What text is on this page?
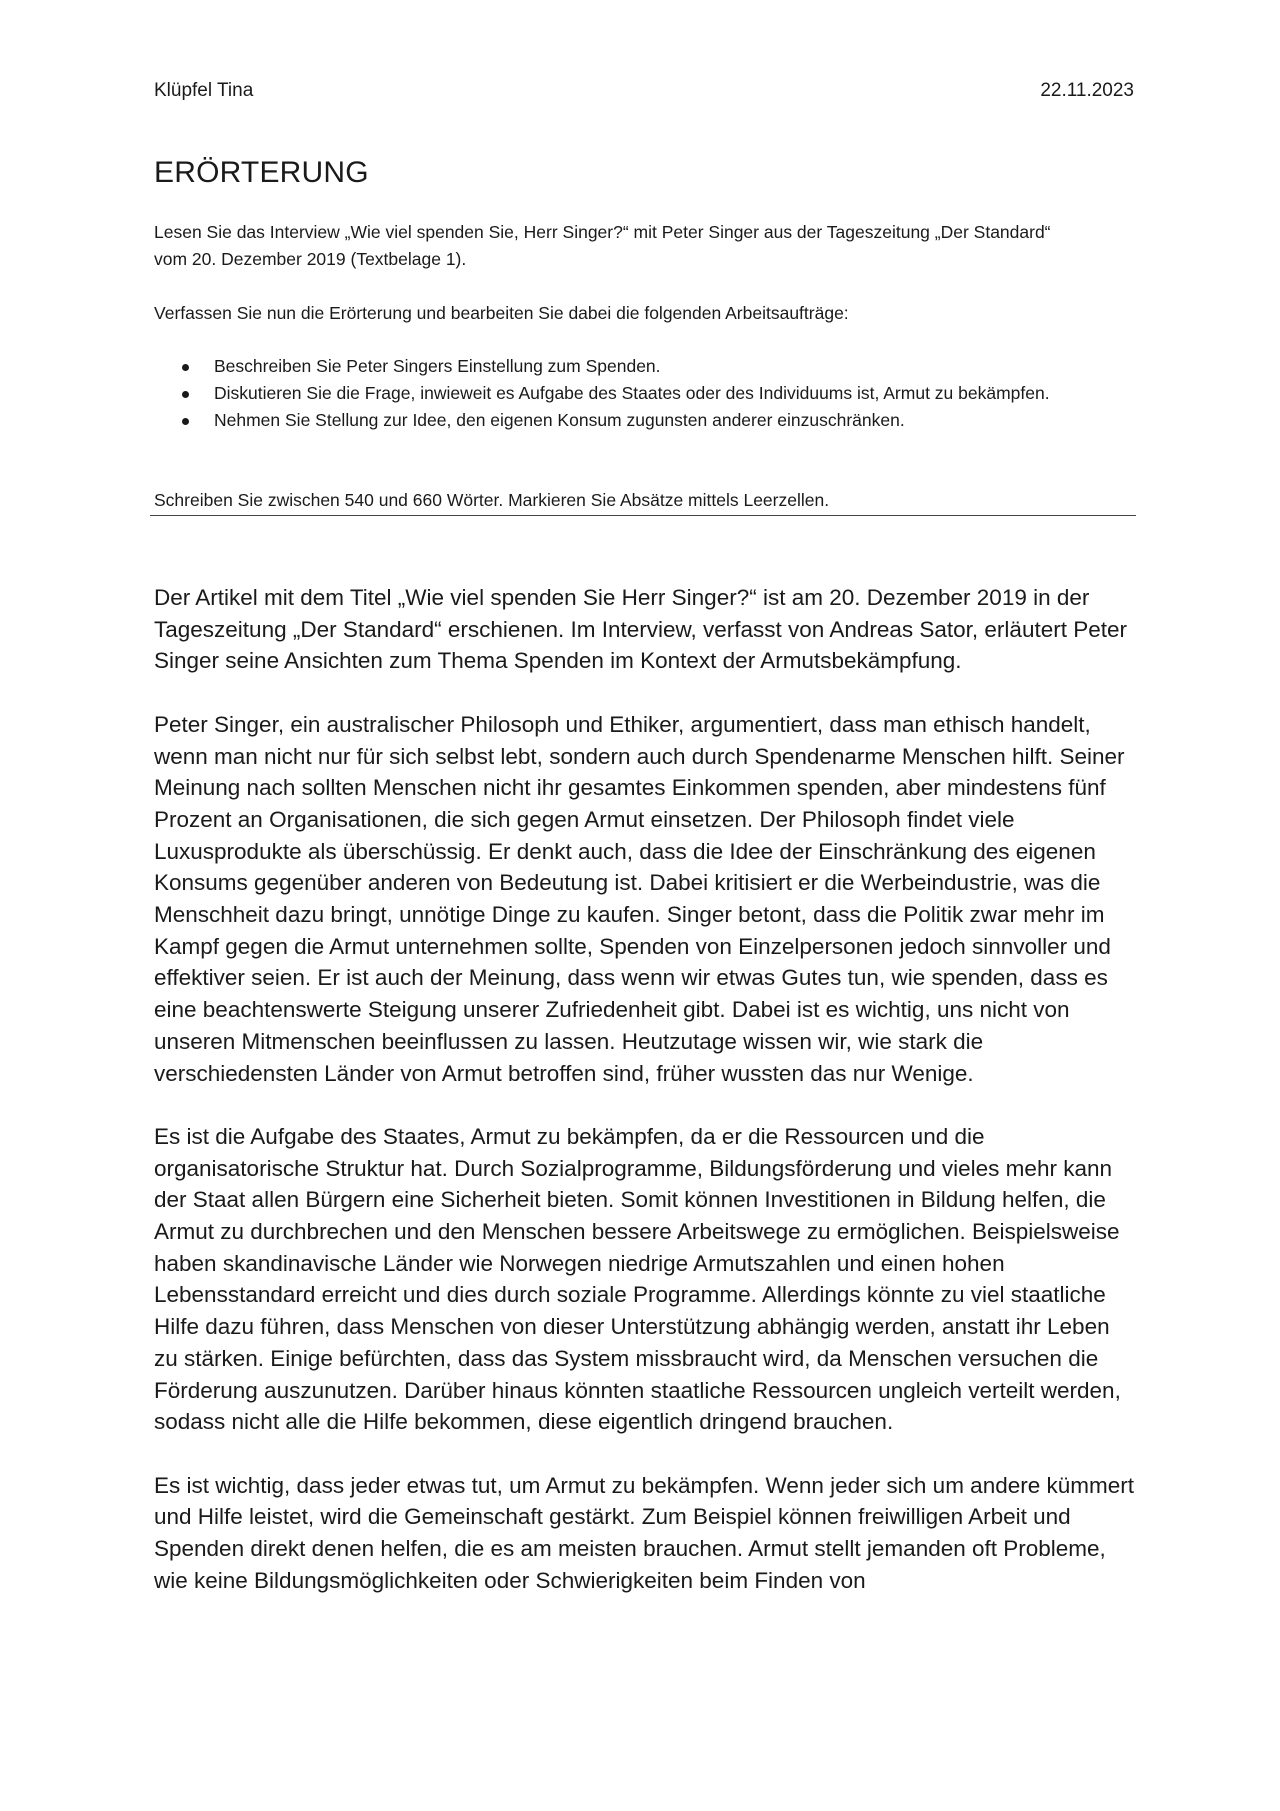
Klüpfel Tina	22.11.2023
ERÖRTERUNG
Lesen Sie das Interview „Wie viel spenden Sie, Herr Singer?“ mit Peter Singer aus der Tageszeitung „Der Standard“ vom 20. Dezember 2019 (Textbelage 1).
Verfassen Sie nun die Erörterung und bearbeiten Sie dabei die folgenden Arbeitsaufträge:
Beschreiben Sie Peter Singers Einstellung zum Spenden.
Diskutieren Sie die Frage, inwieweit es Aufgabe des Staates oder des Individuums ist, Armut zu bekämpfen.
Nehmen Sie Stellung zur Idee, den eigenen Konsum zugunsten anderer einzuschränken.
Schreiben Sie zwischen 540 und 660 Wörter. Markieren Sie Absätze mittels Leerzellen.

Der Artikel mit dem Titel „Wie viel spenden Sie Herr Singer?“ ist am 20. Dezember 2019 in der Tageszeitung „Der Standard“ erschienen. Im Interview, verfasst von Andreas Sator, erläutert Peter Singer seine Ansichten zum Thema Spenden im Kontext der Armutsbekämpfung.

Peter Singer, ein australischer Philosoph und Ethiker, argumentiert, dass man ethisch handelt, wenn man nicht nur für sich selbst lebt, sondern auch durch Spendenarme Menschen hilft. Seiner Meinung nach sollten Menschen nicht ihr gesamtes Einkommen spenden, aber mindestens fünf Prozent an Organisationen, die sich gegen Armut einsetzen. Der Philosoph findet viele Luxusprodukte als überschüssig. Er denkt auch, dass die Idee der Einschränkung des eigenen Konsums gegenüber anderen von Bedeutung ist. Dabei kritisiert er die Werbeindustrie, was die Menschheit dazu bringt, unnötige Dinge zu kaufen. Singer betont, dass die Politik zwar mehr im Kampf gegen die Armut unternehmen sollte, Spenden von Einzelpersonen jedoch sinnvoller und effektiver seien. Er ist auch der Meinung, dass wenn wir etwas Gutes tun, wie spenden, dass es eine beachtenswerte Steigung unserer Zufriedenheit gibt. Dabei ist es wichtig, uns nicht von unseren Mitmenschen beeinflussen zu lassen. Heutzutage wissen wir, wie stark die verschiedensten Länder von Armut betroffen sind, früher wussten das nur Wenige.

Es ist die Aufgabe des Staates, Armut zu bekämpfen, da er die Ressourcen und die organisatorische Struktur hat. Durch Sozialprogramme, Bildungsförderung und vieles mehr kann der Staat allen Bürgern eine Sicherheit bieten. Somit können Investitionen in Bildung helfen, die Armut zu durchbrechen und den Menschen bessere Arbeitswege zu ermöglichen. Beispielsweise haben skandinavische Länder wie Norwegen niedrige Armutszahlen und einen hohen Lebensstandard erreicht und dies durch soziale Programme. Allerdings könnte zu viel staatliche Hilfe dazu führen, dass Menschen von dieser Unterstützung abhängig werden, anstatt ihr Leben zu stärken. Einige befürchten, dass das System missbraucht wird, da Menschen versuchen die Förderung auszunutzen. Darüber hinaus könnten staatliche Ressourcen ungleich verteilt werden, sodass nicht alle die Hilfe bekommen, diese eigentlich dringend brauchen.

Es ist wichtig, dass jeder etwas tut, um Armut zu bekämpfen. Wenn jeder sich um andere kümmert und Hilfe leistet, wird die Gemeinschaft gestärkt. Zum Beispiel können freiwilligen Arbeit und Spenden direkt denen helfen, die es am meisten brauchen. Armut stellt jemanden oft Probleme, wie keine Bildungsmöglichkeiten oder Schwierigkeiten beim Finden von
